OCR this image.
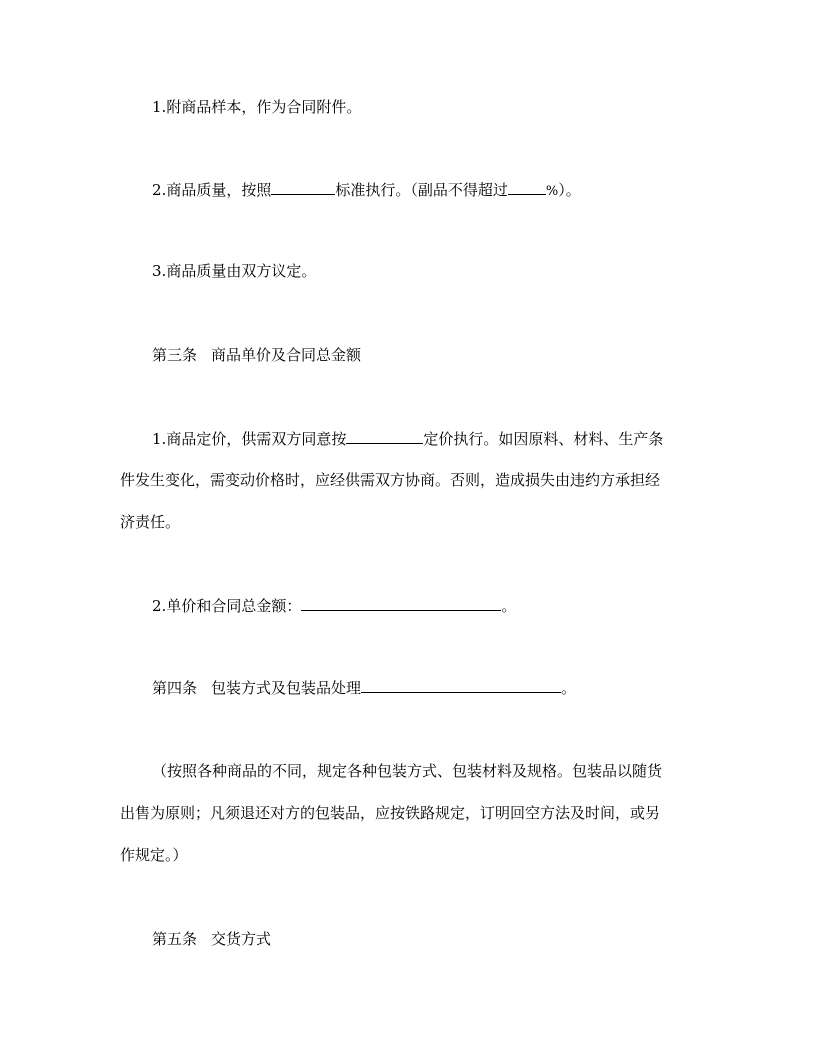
1.附商品样本，作为合同附件。
2.商品质量，按照	标准执行。（副品不得超过	%）。
3.商品质量由双方议定。
第三条 商品单价及合同总金额
1.商品定价，供需双方同意按	定价执行。如因原料、材料、生产条
件发生变化，需变动价格时，应经供需双方协商。否则，造成损失由违约方承担经
济责任。
2.单价和合同总金额：	。
第四条 包装方式及包装品处理	。
（按照各种商品的不同，规定各种包装方式、包装材料及规格。包装品以随货
出售为原则；凡须退还对方的包装品，应按铁路规定，订明回空方法及时间，或另
作规定。）
第五条 交货方式
